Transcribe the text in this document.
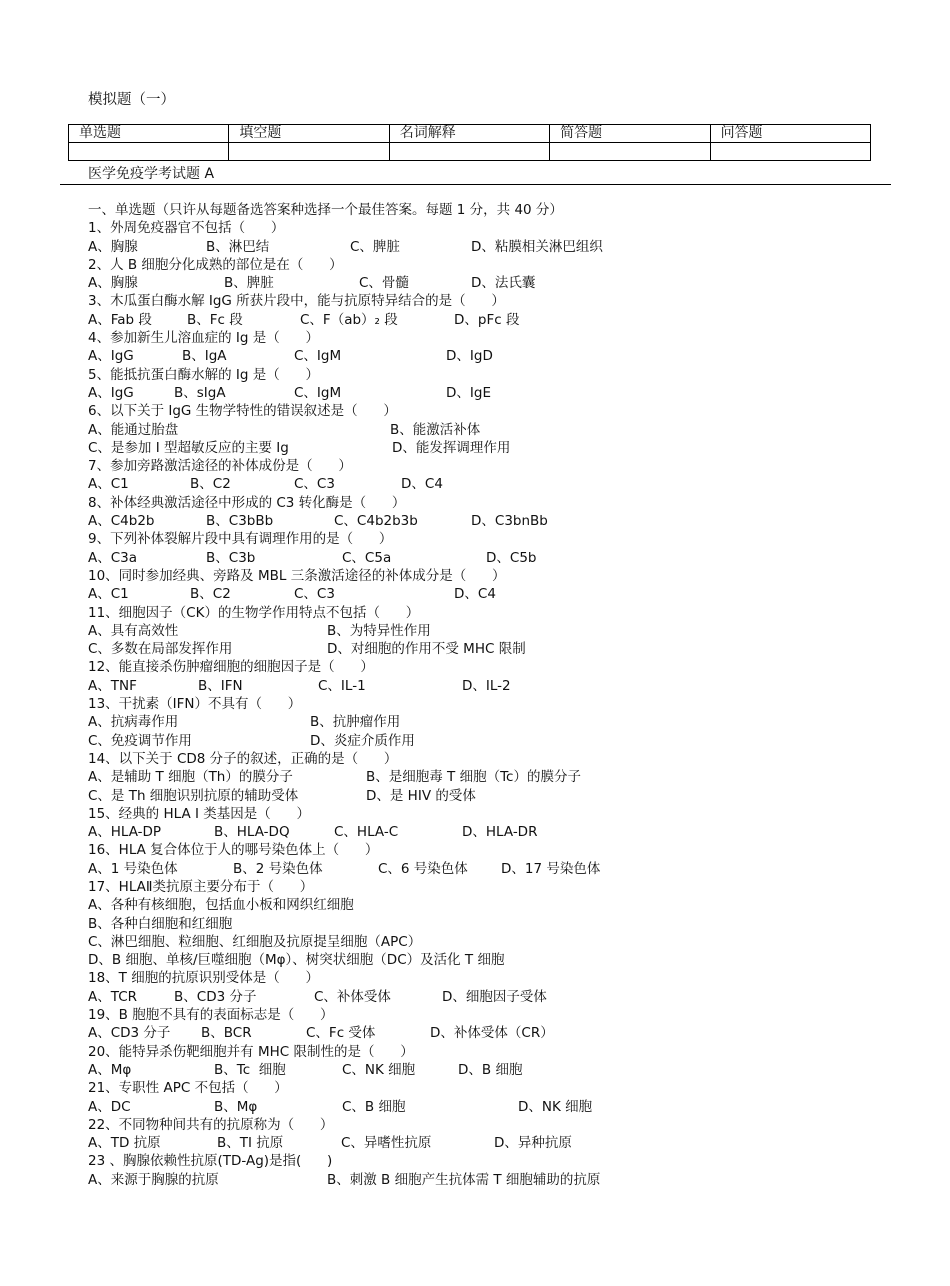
模拟题（一）
单选题	填空题	名词解释	简答题	问答题

医学免疫学考试题 A
一、单选题（只许从每题备选答案种选择一个最佳答案。每题 1 分，共 40 分）
1、外周免疫器官不包括（      ）
A、胸腺	B、淋巴结	C、脾脏	D、粘膜相关淋巴组织
2、人 B 细胞分化成熟的部位是在（      ）
A、胸腺	B、脾脏	C、骨髓	D、法氏囊
3、木瓜蛋白酶水解 IgG 所获片段中，能与抗原特异结合的是（      ）
A、Fab 段	B、Fc 段	C、F（ab）₂ 段	D、pFc 段
4、参加新生儿溶血症的 Ig 是（      ）
A、IgG	B、IgA	C、IgM	D、IgD
5、能抵抗蛋白酶水解的 Ig 是（      ）
A、IgG	B、sIgA	C、IgM	D、IgE
6、以下关于 IgG 生物学特性的错误叙述是（      ）
A、能通过胎盘	B、能激活补体
C、是参加 I 型超敏反应的主要 Ig	D、能发挥调理作用
7、参加旁路激活途径的补体成份是（      ）
A、C1	B、C2	C、C3	D、C4
8、补体经典激活途径中形成的 C3 转化酶是（      ）
A、C4b2b	B、C3bBb	C、C4b2b3b	D、C3bnBb
9、下列补体裂解片段中具有调理作用的是（      ）
A、C3a	B、C3b	C、C5a	D、C5b
10、同时参加经典、旁路及 MBL 三条激活途径的补体成分是（      ）
A、C1	B、C2	C、C3	D、C4
11、细胞因子（CK）的生物学作用特点不包括（      ）
A、具有高效性	B、为特异性作用
C、多数在局部发挥作用	D、对细胞的作用不受 MHC 限制
12、能直接杀伤肿瘤细胞的细胞因子是（      ）
A、TNF	B、IFN	C、IL-1	D、IL-2
13、干扰素（IFN）不具有（      ）
A、抗病毒作用	B、抗肿瘤作用
C、免疫调节作用	D、炎症介质作用
14、以下关于 CD8 分子的叙述，正确的是（      ）
A、是辅助 T 细胞（Th）的膜分子	B、是细胞毒 T 细胞（Tc）的膜分子
C、是 Th 细胞识别抗原的辅助受体	D、是 HIV 的受体
15、经典的 HLA I 类基因是（      ）
A、HLA-DP	B、HLA-DQ	C、HLA-C	D、HLA-DR
16、HLA 复合体位于人的哪号染色体上（      ）
A、1 号染色体	B、2 号染色体	C、6 号染色体 D、17 号染色体
17、HLAⅡ类抗原主要分布于（      ）
A、各种有核细胞，包括血小板和网织红细胞
B、各种白细胞和红细胞
C、淋巴细胞、粒细胞、红细胞及抗原提呈细胞（APC）
D、B 细胞、单核/巨噬细胞（Mφ）、树突状细胞（DC）及活化 T 细胞
18、T 细胞的抗原识别受体是（      ）
A、TCR	B、CD3 分子	C、补体受体	D、细胞因子受体
19、B 胞胞不具有的表面标志是（      ）
A、CD3 分子 B、BCR	C、Fc 受体	D、补体受体（CR）
20、能特异杀伤靶细胞并有 MHC 限制性的是（      ）
A、Mφ	B、Tc  细胞	C、NK 细胞	D、B 细胞
21、专职性 APC 不包括（      ）
A、DC	B、Mφ	C、B 细胞	D、NK 细胞
22、不同物种间共有的抗原称为（      ）
A、TD 抗原	B、TI 抗原	C、异嗜性抗原	D、异种抗原
23 、胸腺依赖性抗原(TD-Ag)是指(      )
A、来源于胸腺的抗原	B、刺激 B 细胞产生抗体需 T 细胞辅助的抗原
